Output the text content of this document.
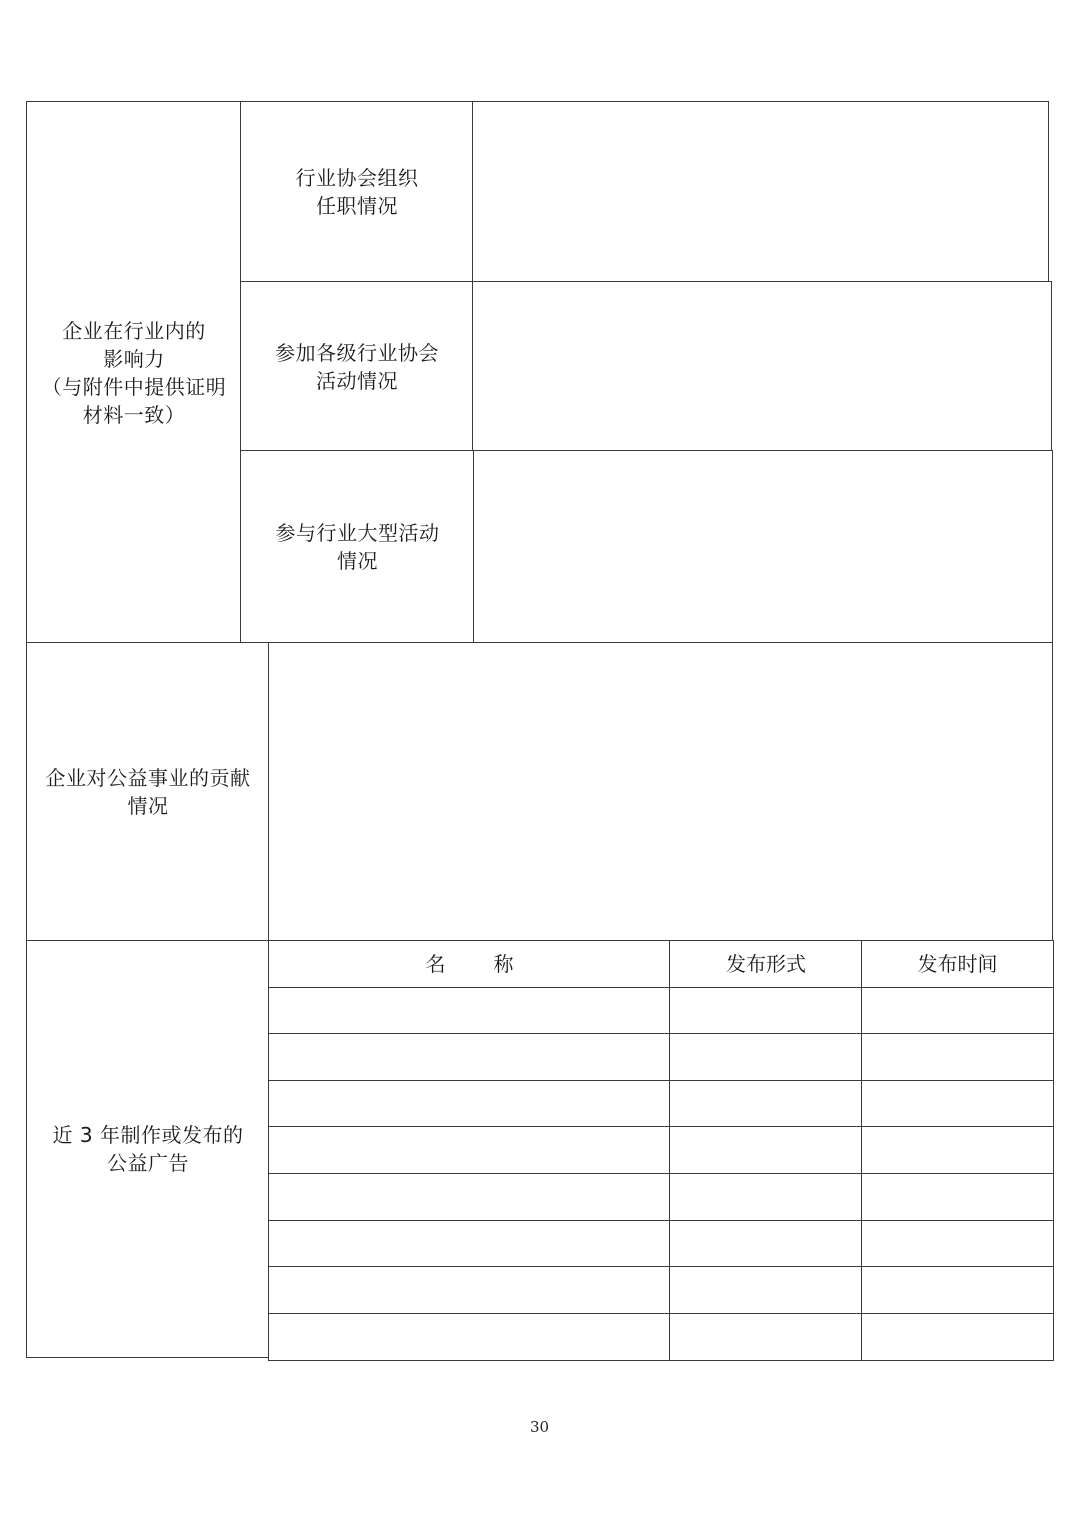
企业在行业内的
影响力
（与附件中提供证明
材料一致）
行业协会组织
任职情况
参加各级行业协会
活动情况
参与行业大型活动
情况
企业对公益事业的贡献
情况
近 3 年制作或发布的
公益广告
名称	发布形式	发布时间
30
